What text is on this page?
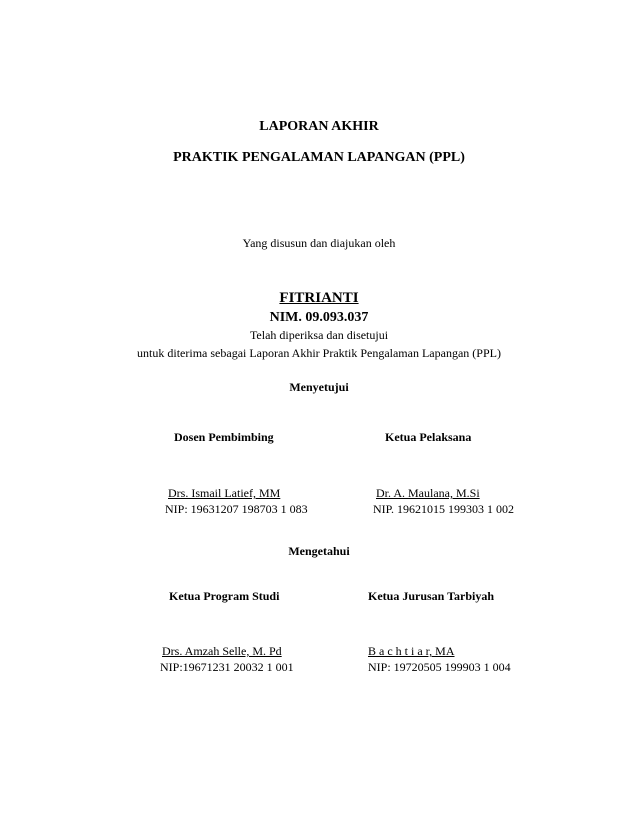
LAPORAN AKHIR
PRAKTIK PENGALAMAN LAPANGAN (PPL)
Yang disusun dan diajukan oleh
FITRIANTI
NIM. 09.093.037
Telah diperiksa dan disetujui
untuk diterima sebagai Laporan Akhir Praktik Pengalaman Lapangan (PPL)
Menyetujui
Dosen Pembimbing
Drs. Ismail Latief, MM
NIP: 19631207 198703 1 083
Ketua Pelaksana
Dr. A. Maulana, M.Si
NIP. 19621015 199303 1 002
Mengetahui
Ketua Program Studi
Drs. Amzah Selle, M. Pd
NIP:19671231 20032 1 001
Ketua Jurusan Tarbiyah
B a c h t i a r, MA
NIP: 19720505 199903 1 004
